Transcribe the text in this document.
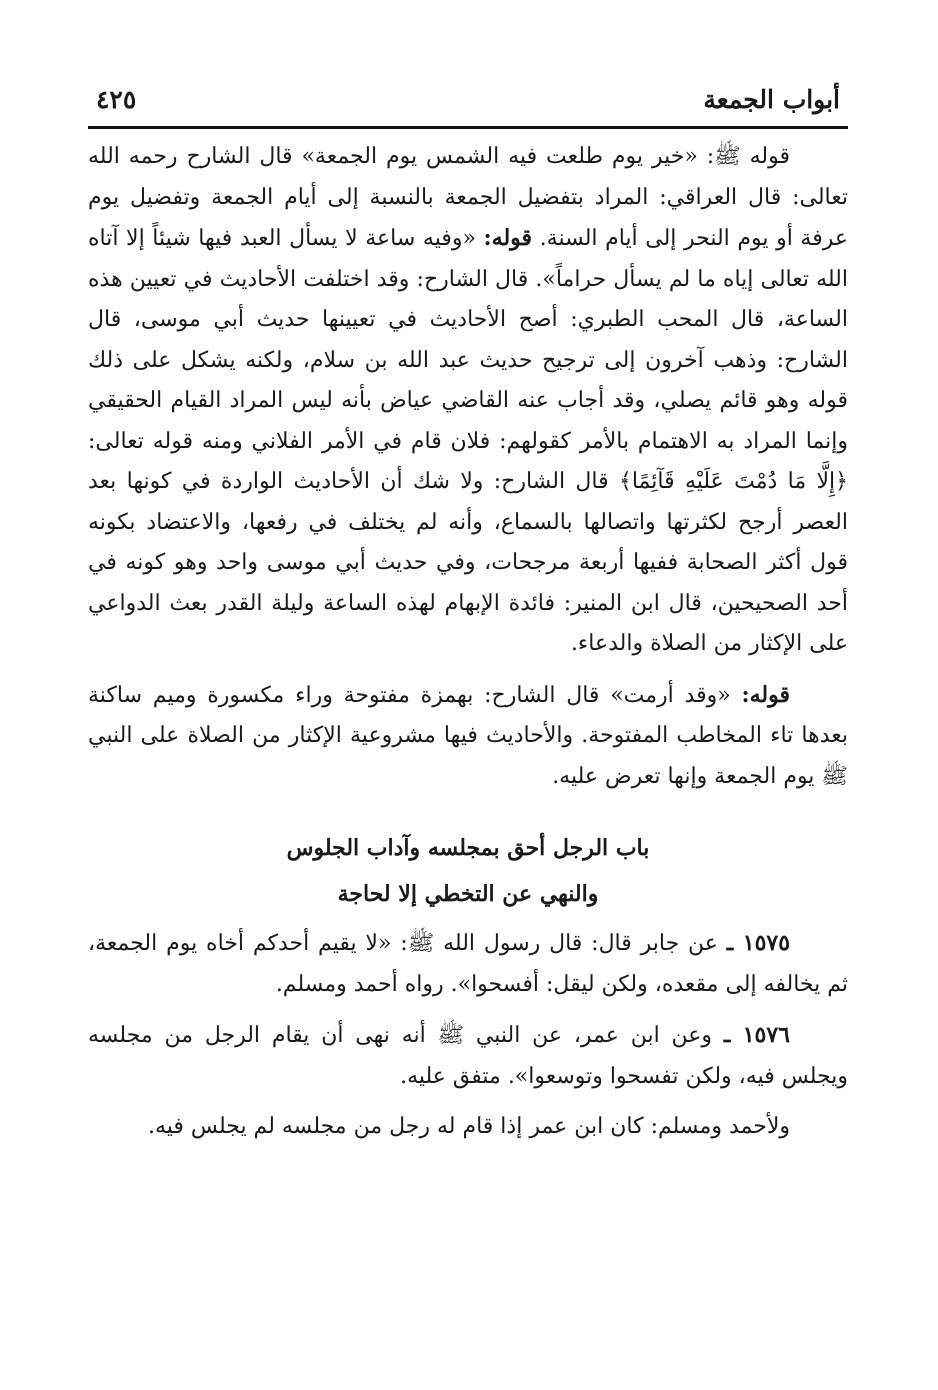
أبواب الجمعة
٤٢٥

قوله ﷺ: «خير يوم طلعت فيه الشمس يوم الجمعة» قال الشارح رحمه الله تعالى: قال العراقي: المراد بتفضيل الجمعة بالنسبة إلى أيام الجمعة وتفضيل يوم عرفة أو يوم النحر إلى أيام السنة. قوله: «وفيه ساعة لا يسأل العبد فيها شيئاً إلا آتاه الله تعالى إياه ما لم يسأل حراماً». قال الشارح: وقد اختلفت الأحاديث في تعيين هذه الساعة، قال المحب الطبري: أصح الأحاديث في تعيينها حديث أبي موسى، قال الشارح: وذهب آخرون إلى ترجيح حديث عبد الله بن سلام، ولكنه يشكل على ذلك قوله وهو قائم يصلي، وقد أجاب عنه القاضي عياض بأنه ليس المراد القيام الحقيقي وإنما المراد به الاهتمام بالأمر كقولهم: فلان قام في الأمر الفلاني ومنه قوله تعالى: ﴿إِلَّا مَا دُمْتَ عَلَيْهِ قَآئِمًا﴾ قال الشارح: ولا شك أن الأحاديث الواردة في كونها بعد العصر أرجح لكثرتها واتصالها بالسماع، وأنه لم يختلف في رفعها، والاعتضاد بكونه قول أكثر الصحابة ففيها أربعة مرجحات، وفي حديث أبي موسى واحد وهو كونه في أحد الصحيحين، قال ابن المنير: فائدة الإبهام لهذه الساعة وليلة القدر بعث الدواعي على الإكثار من الصلاة والدعاء.

قوله: «وقد أرمت» قال الشارح: بهمزة مفتوحة وراء مكسورة وميم ساكنة بعدها تاء المخاطب المفتوحة. والأحاديث فيها مشروعية الإكثار من الصلاة على النبي ﷺ يوم الجمعة وإنها تعرض عليه.

باب الرجل أحق بمجلسه وآداب الجلوس
والنهي عن التخطي إلا لحاجة

١٥٧٥ ـ عن جابر قال: قال رسول الله ﷺ: «لا يقيم أحدكم أخاه يوم الجمعة، ثم يخالفه إلى مقعده، ولكن ليقل: أفسحوا». رواه أحمد ومسلم.

١٥٧٦ ـ وعن ابن عمر، عن النبي ﷺ أنه نهى أن يقام الرجل من مجلسه ويجلس فيه، ولكن تفسحوا وتوسعوا». متفق عليه.

ولأحمد ومسلم: كان ابن عمر إذا قام له رجل من مجلسه لم يجلس فيه.
